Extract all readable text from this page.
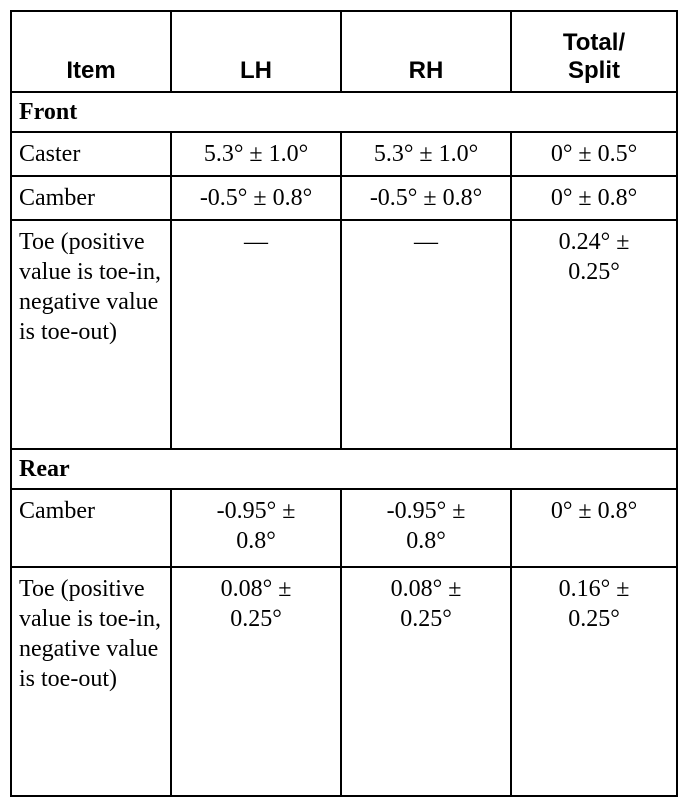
Item	LH	RH	Total/
Split

Front			
Caster	5.3° ± 1.0°	5.3° ± 1.0°	0° ± 0.5°
Camber	-0.5° ± 0.8°	-0.5° ± 0.8°	0° ± 0.8°
Toe (positive value is toe-in, negative value is toe-out)	—	—	0.24° ± 0.25°
Rear			
Camber	-0.95° ± 0.8°	-0.95° ± 0.8°	0° ± 0.8°
Toe (positive value is toe-in, negative value is toe-out)	0.08° ± 0.25°	0.08° ± 0.25°	0.16° ± 0.25°
